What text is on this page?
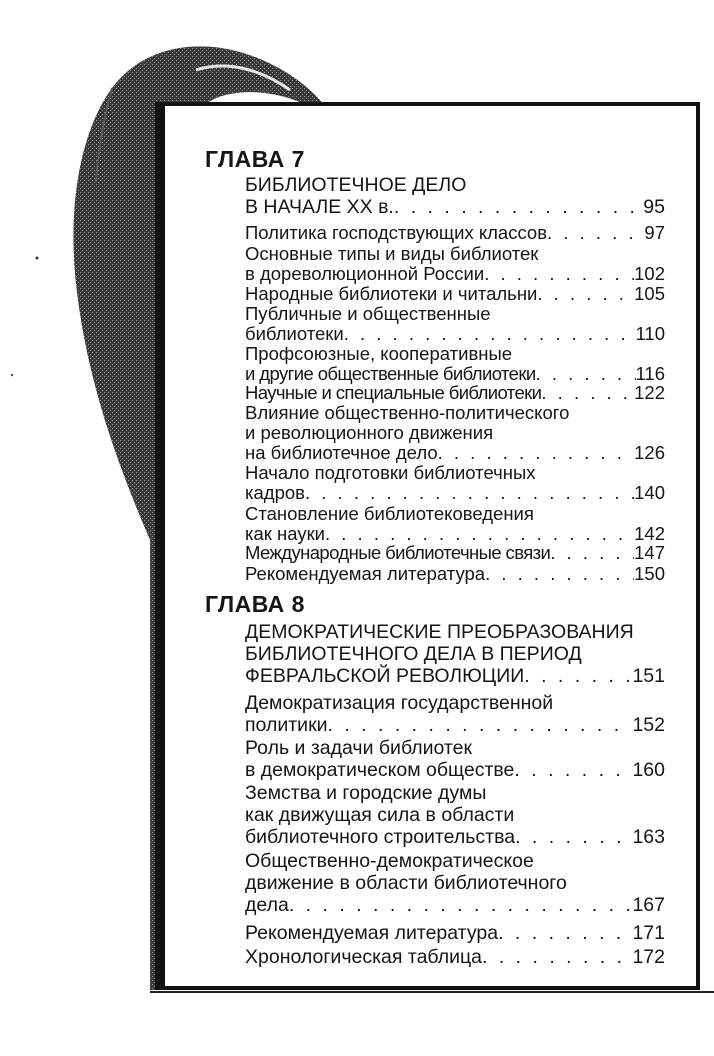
ГЛАВА 7
БИБЛИОТЕЧНОЕ ДЕЛО
В НАЧАЛЕ XX в. . . .	95
Политика господствующих классов . . .	97
Основные типы и виды библиотек
в дореволюционной России . . .	102
Народные библиотеки и читальни . . .	105
Публичные и общественные
библиотеки . . .	110
Профсоюзные, кооперативные
и другие общественные библиотеки . . .	116
Научные и специальные библиотеки . . .	122
Влияние общественно-политического
и революционного движения
на библиотечное дело . . .	126
Начало подготовки библиотечных
кадров . . .	140
Становление библиотековедения
как науки . . .	142
Международные библиотечные связи . . .	147
Рекомендуемая литература . . .	150
ГЛАВА 8
ДЕМОКРАТИЧЕСКИЕ ПРЕОБРАЗОВАНИЯ
БИБЛИОТЕЧНОГО ДЕЛА В ПЕРИОД
ФЕВРАЛЬСКОЙ РЕВОЛЮЦИИ . . .	151
Демократизация государственной
политики . . .	152
Роль и задачи библиотек
в демократическом обществе . . .	160
Земства и городские думы
как движущая сила в области
библиотечного строительства . . .	163
Общественно-демократическое
движение в области библиотечного
дела . . .	167
Рекомендуемая литература . . .	171
Хронологическая таблица . . .	172
